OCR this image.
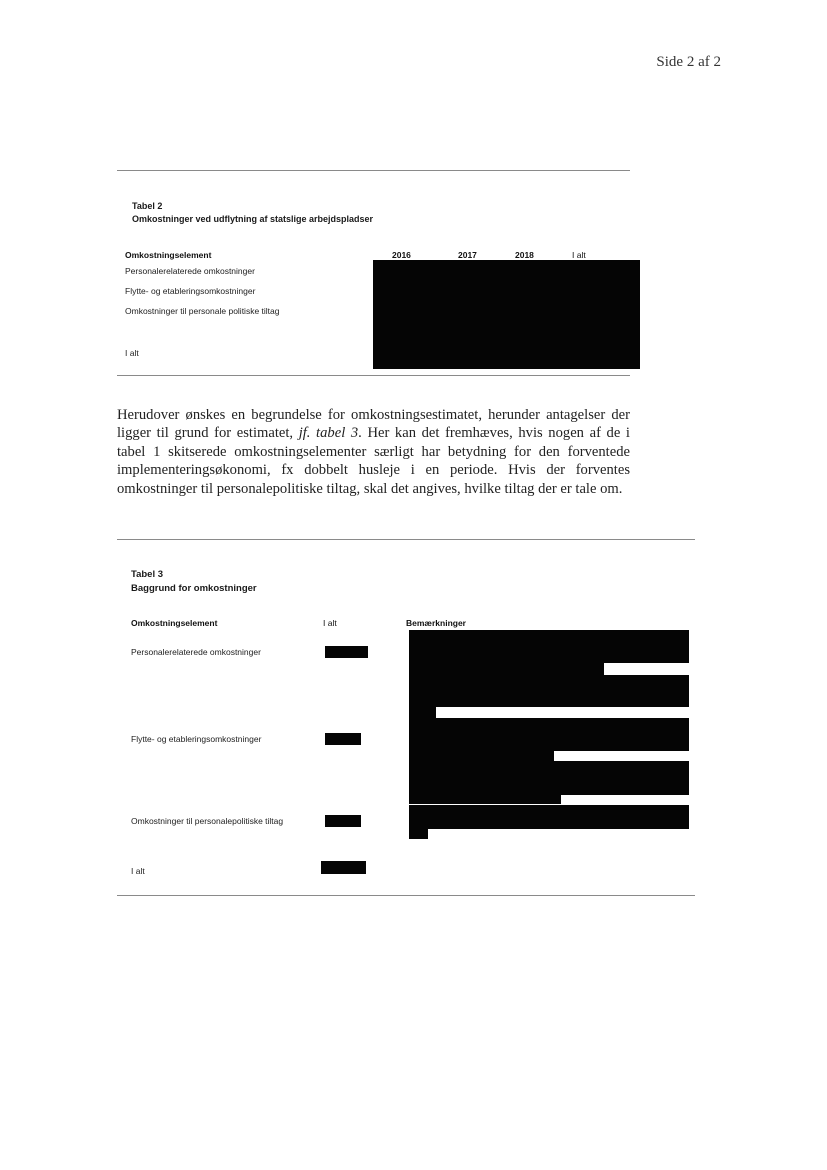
Side 2 af 2
Tabel 2
Omkostninger ved udflytning af statslige arbejdspladser
Omkostningselement	2016	2017	2018	I alt
Personalerelaterede omkostninger
Flytte- og etableringsomkostninger
Omkostninger til personale politiske tiltag
I alt

Herudover ønskes en begrundelse for omkostningsestimatet, herunder antagelser der ligger til grund for estimatet, jf. tabel 3. Her kan det fremhæves, hvis nogen af de i tabel 1 skitserede omkostningselementer særligt har betydning for den forventede implementeringsøkonomi, fx dobbelt husleje i en periode. Hvis der forventes omkostninger til personalepolitiske tiltag, skal det angives, hvilke tiltag der er tale om.

Tabel 3
Baggrund for omkostninger
Omkostningselement	I alt	Bemærkninger
Personalerelaterede omkostninger
Flytte- og etableringsomkostninger
Omkostninger til personalepolitiske tiltag
I alt
